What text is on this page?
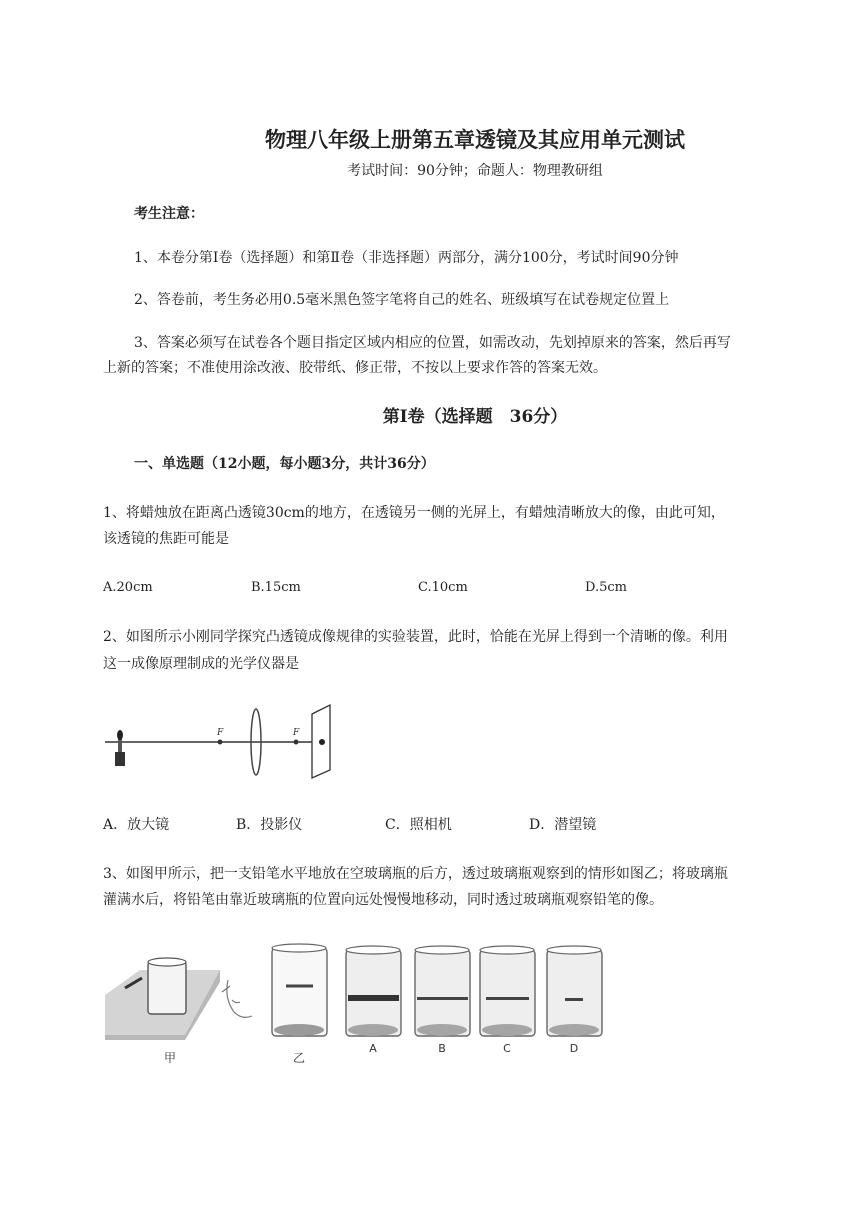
物理八年级上册第五章透镜及其应用单元测试
考试时间：90分钟；命题人：物理教研组
考生注意：
1、本卷分第Ⅰ卷（选择题）和第Ⅱ卷（非选择题）两部分，满分100分，考试时间90分钟
2、答卷前，考生务必用0.5毫米黑色签字笔将自己的姓名、班级填写在试卷规定位置上
3、答案必须写在试卷各个题目指定区域内相应的位置，如需改动，先划掉原来的答案，然后再写
上新的答案；不准使用涂改液、胶带纸、修正带，不按以上要求作答的答案无效。
第Ⅰ卷（选择题　36分）
一、单选题（12小题，每小题3分，共计36分）
1、将蜡烛放在距离凸透镜30cm的地方，在透镜另一侧的光屏上，有蜡烛清晰放大的像，由此可知，
该透镜的焦距可能是
A.20cm	B.15cm	C.10cm	D.5cm
2、如图所示小刚同学探究凸透镜成像规律的实验装置，此时，恰能在光屏上得到一个清晰的像。利用
这一成像原理制成的光学仪器是
F	F
A．放大镜	B．投影仪	C．照相机	D．潜望镜
3、如图甲所示，把一支铅笔水平地放在空玻璃瓶的后方，透过玻璃瓶观察到的情形如图乙；将玻璃瓶
灌满水后，将铅笔由靠近玻璃瓶的位置向远处慢慢地移动，同时透过玻璃瓶观察铅笔的像。
甲	乙
A	B	C	D
